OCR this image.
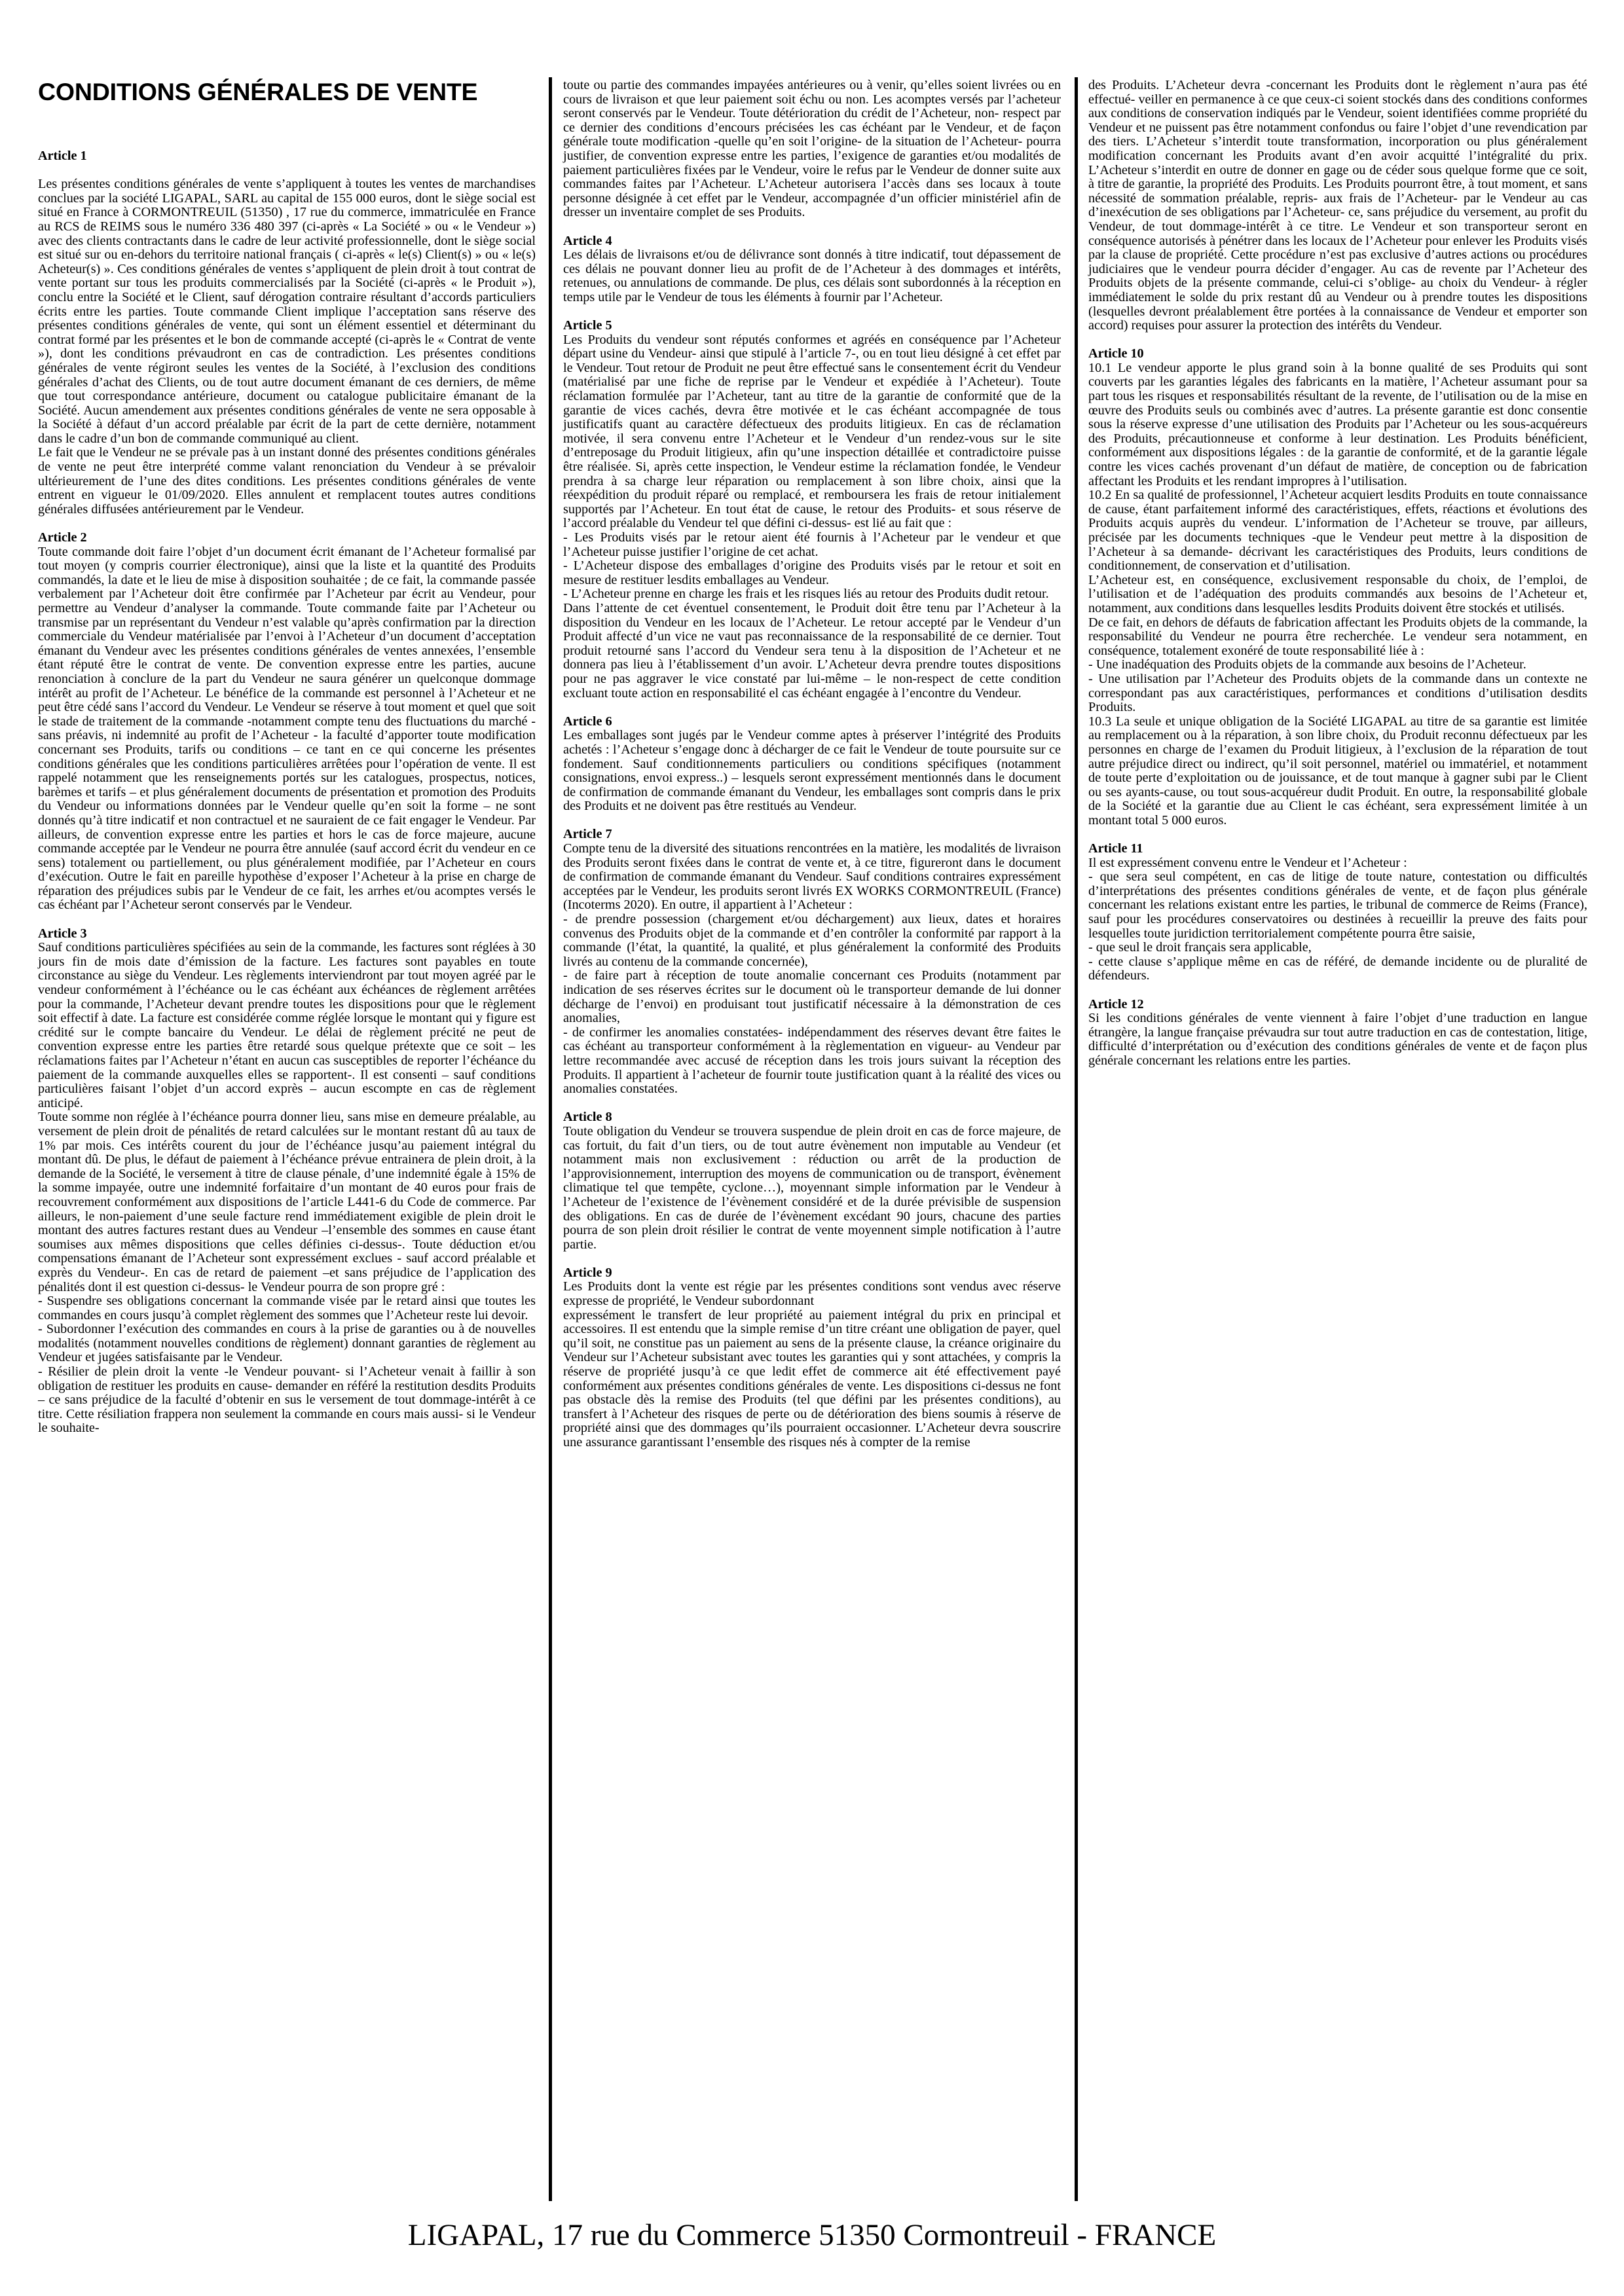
CONDITIONS GÉNÉRALES DE VENTE
Article 1

Les présentes conditions générales de vente s’appliquent à toutes les ventes de marchandises conclues par la société LIGAPAL, SARL au capital de 155 000 euros, dont le siège social est situé en France à CORMONTREUIL (51350) , 17 rue du commerce, immatriculée en France au RCS de REIMS sous le numéro 336 480 397 (ci-après « La Société » ou « le Vendeur ») avec des clients contractants dans le cadre de leur activité professionnelle, dont le siège social est situé sur ou en-dehors du territoire national français ( ci-après « le(s) Client(s) » ou « le(s) Acheteur(s) ». Ces conditions générales de ventes s’appliquent de plein droit à tout contrat de vente portant sur tous les produits commercialisés par la Société (ci-après « le Produit »), conclu entre la Société et le Client, sauf dérogation contraire résultant d’accords particuliers écrits entre les parties. Toute commande Client implique l’acceptation sans réserve des présentes conditions générales de vente, qui sont un élément essentiel et déterminant du contrat formé par les présentes et le bon de commande accepté (ci-après le « Contrat de vente »), dont les conditions prévaudront en cas de contradiction. Les présentes conditions générales de vente régiront seules les ventes de la Société, à l’exclusion des conditions générales d’achat des Clients, ou de tout autre document émanant de ces derniers, de même que tout correspondance antérieure, document ou catalogue publicitaire émanant de la Société. Aucun amendement aux présentes conditions générales de vente ne sera opposable à la Société à défaut d’un accord préalable par écrit de la part de cette dernière, notamment dans le cadre d’un bon de commande communiqué au client.

Le fait que le Vendeur ne se prévale pas à un instant donné des présentes conditions générales de vente ne peut être interprété comme valant renonciation du Vendeur à se prévaloir ultérieurement de l’une des dites conditions. Les présentes conditions générales de vente entrent en vigueur le 01/09/2020. Elles annulent et remplacent toutes autres conditions générales diffusées antérieurement par le Vendeur.

Article 2

Toute commande doit faire l’objet d’un document écrit émanant de l’Acheteur formalisé par tout moyen (y compris courrier électronique), ainsi que la liste et la quantité des Produits commandés, la date et le lieu de mise à disposition souhaitée ; de ce fait, la commande passée verbalement par l’Acheteur doit être confirmée par l’Acheteur par écrit au Vendeur, pour permettre au Vendeur d’analyser la commande. Toute commande faite par l’Acheteur ou transmise par un représentant du Vendeur n’est valable qu’après confirmation par la direction commerciale du Vendeur matérialisée par l’envoi à l’Acheteur d’un document d’acceptation émanant du Vendeur avec les présentes conditions générales de ventes annexées, l’ensemble étant réputé être le contrat de vente. De convention expresse entre les parties, aucune renonciation à conclure de la part du Vendeur ne saura générer un quelconque dommage intérêt au profit de l’Acheteur. Le bénéfice de la commande est personnel à l’Acheteur et ne peut être cédé sans l’accord du Vendeur. Le Vendeur se réserve à tout moment et quel que soit le stade de traitement de la commande -notamment compte tenu des fluctuations du marché -sans préavis, ni indemnité au profit de l’Acheteur - la faculté d’apporter toute modification concernant ses Produits, tarifs ou conditions – ce tant en ce qui concerne les présentes conditions générales que les conditions particulières arrêtées pour l’opération de vente. Il est rappelé notamment que les renseignements portés sur les catalogues, prospectus, notices, barèmes et tarifs – et plus généralement documents de présentation et promotion des Produits du Vendeur ou informations données par le Vendeur quelle qu’en soit la forme – ne sont donnés qu’à titre indicatif et non contractuel et ne sauraient de ce fait engager le Vendeur. Par ailleurs, de convention expresse entre les parties et hors le cas de force majeure, aucune commande acceptée par le Vendeur ne pourra être annulée (sauf accord écrit du vendeur en ce sens) totalement ou partiellement, ou plus généralement modifiée, par l’Acheteur en cours d’exécution. Outre le fait en pareille hypothèse d’exposer l’Acheteur à la prise en charge de réparation des préjudices subis par le Vendeur de ce fait, les arrhes et/ou acomptes versés le cas échéant par l’Acheteur seront conservés par le Vendeur.

Article 3

Sauf conditions particulières spécifiées au sein de la commande, les factures sont réglées à 30 jours fin de mois date d’émission de la facture. Les factures sont payables en toute circonstance au siège du Vendeur. Les règlements interviendront par tout moyen agréé par le vendeur conformément à l’échéance ou le cas échéant aux échéances de règlement arrêtées pour la commande, l’Acheteur devant prendre toutes les dispositions pour que le règlement soit effectif à date. La facture est considérée comme réglée lorsque le montant qui y figure est crédité sur le compte bancaire du Vendeur. Le délai de règlement précité ne peut de convention expresse entre les parties être retardé sous quelque prétexte que ce soit – les réclamations faites par l’Acheteur n’étant en aucun cas susceptibles de reporter l’échéance du paiement de la commande auxquelles elles se rapportent-. Il est consenti – sauf conditions particulières faisant l’objet d’un accord exprès – aucun escompte en cas de règlement anticipé.

Toute somme non réglée à l’échéance pourra donner lieu, sans mise en demeure préalable, au versement de plein droit de pénalités de retard calculées sur le montant restant dû au taux de 1% par mois. Ces intérêts courent du jour de l’échéance jusqu’au paiement intégral du montant dû. De plus, le défaut de paiement à l’échéance prévue entrainera de plein droit, à la demande de la Société, le versement à titre de clause pénale, d’une indemnité égale à 15% de la somme impayée, outre une indemnité forfaitaire d’un montant de 40 euros pour frais de recouvrement conformément aux dispositions de l’article L441-6 du Code de commerce. Par ailleurs, le non-paiement d’une seule facture rend immédiatement exigible de plein droit le montant des autres factures restant dues au Vendeur –l’ensemble des sommes en cause étant soumises aux mêmes dispositions que celles définies ci-dessus-. Toute déduction et/ou compensations émanant de l’Acheteur sont expressément exclues - sauf accord préalable et exprès du Vendeur-. En cas de retard de paiement –et sans préjudice de l’application des pénalités dont il est question ci-dessus- le Vendeur pourra de son propre gré :

- Suspendre ses obligations concernant la commande visée par le retard ainsi que toutes les commandes en cours jusqu’à complet règlement des sommes que l’Acheteur reste lui devoir.

- Subordonner l’exécution des commandes en cours à la prise de garanties ou à de nouvelles modalités (notamment nouvelles conditions de règlement) donnant garanties de règlement au Vendeur et jugées satisfaisante par le Vendeur.

- Résilier de plein droit la vente -le Vendeur pouvant- si l’Acheteur venait à faillir à son obligation de restituer les produits en cause- demander en référé la restitution desdits Produits – ce sans préjudice de la faculté d’obtenir en sus le versement de tout dommage-intérêt à ce titre. Cette résiliation frappera non seulement la commande en cours mais aussi- si le Vendeur le souhaite-

toute ou partie des commandes impayées antérieures ou à venir, qu’elles soient livrées ou en cours de livraison et que leur paiement soit échu ou non. Les acomptes versés par l’acheteur seront conservés par le Vendeur. Toute détérioration du crédit de l’Acheteur, non- respect par ce dernier des conditions d’encours précisées les cas échéant par le Vendeur, et de façon générale toute modification -quelle qu’en soit l’origine- de la situation de l’Acheteur- pourra justifier, de convention expresse entre les parties, l’exigence de garanties et/ou modalités de paiement particulières fixées par le Vendeur, voire le refus par le Vendeur de donner suite aux commandes faites par l’Acheteur. L’Acheteur autorisera l’accès dans ses locaux à toute personne désignée à cet effet par le Vendeur, accompagnée d’un officier ministériel afin de dresser un inventaire complet de ses Produits.

Article 4

Les délais de livraisons et/ou de délivrance sont donnés à titre indicatif, tout dépassement de ces délais ne pouvant donner lieu au profit de de l’Acheteur à des dommages et intérêts, retenues, ou annulations de commande. De plus, ces délais sont subordonnés à la réception en temps utile par le Vendeur de tous les éléments à fournir par l’Acheteur.

Article 5

Les Produits du vendeur sont réputés conformes et agréés en conséquence par l’Acheteur départ usine du Vendeur- ainsi que stipulé à l’article 7-, ou en tout lieu désigné à cet effet par le Vendeur. Tout retour de Produit ne peut être effectué sans le consentement écrit du Vendeur (matérialisé par une fiche de reprise par le Vendeur et expédiée à l’Acheteur). Toute réclamation formulée par l’Acheteur, tant au titre de la garantie de conformité que de la garantie de vices cachés, devra être motivée et le cas échéant accompagnée de tous justificatifs quant au caractère défectueux des produits litigieux. En cas de réclamation motivée, il sera convenu entre l’Acheteur et le Vendeur d’un rendez-vous sur le site d’entreposage du Produit litigieux, afin qu’une inspection détaillée et contradictoire puisse être réalisée. Si, après cette inspection, le Vendeur estime la réclamation fondée, le Vendeur prendra à sa charge leur réparation ou remplacement à son libre choix, ainsi que la réexpédition du produit réparé ou remplacé, et remboursera les frais de retour initialement supportés par l’Acheteur. En tout état de cause, le retour des Produits- et sous réserve de l’accord préalable du Vendeur tel que défini ci-dessus- est lié au fait que :

- Les Produits visés par le retour aient été fournis à l’Acheteur par le vendeur et que l’Acheteur puisse justifier l’origine de cet achat.

- L’Acheteur dispose des emballages d’origine des Produits visés par le retour et soit en mesure de restituer lesdits emballages au Vendeur.

- L’Acheteur prenne en charge les frais et les risques liés au retour des Produits dudit retour.

Dans l’attente de cet éventuel consentement, le Produit doit être tenu par l’Acheteur à la disposition du Vendeur en les locaux de l’Acheteur. Le retour accepté par le Vendeur d’un Produit affecté d’un vice ne vaut pas reconnaissance de la responsabilité de ce dernier. Tout produit retourné sans l’accord du Vendeur sera tenu à la disposition de l’Acheteur et ne donnera pas lieu à l’établissement d’un avoir. L’Acheteur devra prendre toutes dispositions pour ne pas aggraver le vice constaté par lui-même – le non-respect de cette condition excluant toute action en responsabilité el cas échéant engagée à l’encontre du Vendeur.

Article 6

Les emballages sont jugés par le Vendeur comme aptes à préserver l’intégrité des Produits achetés : l’Acheteur s’engage donc à décharger de ce fait le Vendeur de toute poursuite sur ce fondement. Sauf conditionnements particuliers ou conditions spécifiques (notamment consignations, envoi express..) – lesquels seront expressément mentionnés dans le document de confirmation de commande émanant du Vendeur, les emballages sont compris dans le prix des Produits et ne doivent pas être restitués au Vendeur.

Article 7

Compte tenu de la diversité des situations rencontrées en la matière, les modalités de livraison des Produits seront fixées dans le contrat de vente et, à ce titre, figureront dans le document de confirmation de commande émanant du Vendeur. Sauf conditions contraires expressément acceptées par le Vendeur, les produits seront livrés EX WORKS CORMONTREUIL (France) (Incoterms 2020). En outre, il appartient à l’Acheteur :

- de prendre possession (chargement et/ou déchargement) aux lieux, dates et horaires convenus des Produits objet de la commande et d’en contrôler la conformité par rapport à la commande (l’état, la quantité, la qualité, et plus généralement la conformité des Produits livrés au contenu de la commande concernée),

- de faire part à réception de toute anomalie concernant ces Produits (notamment par indication de ses réserves écrites sur le document où le transporteur demande de lui donner décharge de l’envoi) en produisant tout justificatif nécessaire à la démonstration de ces anomalies,

- de confirmer les anomalies constatées- indépendamment des réserves devant être faites le cas échéant au transporteur conformément à la règlementation en vigueur- au Vendeur par lettre recommandée avec accusé de réception dans les trois jours suivant la réception des Produits. Il appartient à l’acheteur de fournir toute justification quant à la réalité des vices ou anomalies constatées.

Article 8

Toute obligation du Vendeur se trouvera suspendue de plein droit en cas de force majeure, de cas fortuit, du fait d’un tiers, ou de tout autre évènement non imputable au Vendeur (et notamment mais non exclusivement : réduction ou arrêt de la production de l’approvisionnement, interruption des moyens de communication ou de transport, évènement climatique tel que tempête, cyclone…), moyennant simple information par le Vendeur à l’Acheteur de l’existence de l’évènement considéré et de la durée prévisible de suspension des obligations. En cas de durée de l’évènement excédant 90 jours, chacune des parties pourra de son plein droit résilier le contrat de vente moyennent simple notification à l’autre partie.

Article 9

Les Produits dont la vente est régie par les présentes conditions sont vendus avec réserve expresse de propriété, le Vendeur subordonnant

expressément le transfert de leur propriété au paiement intégral du prix en principal et accessoires. Il est entendu que la simple remise d’un titre créant une obligation de payer, quel qu’il soit, ne constitue pas un paiement au sens de la présente clause, la créance originaire du Vendeur sur l’Acheteur subsistant avec toutes les garanties qui y sont attachées, y compris la réserve de propriété jusqu’à ce que ledit effet de commerce ait été effectivement payé conformément aux présentes conditions générales de vente. Les dispositions ci-dessus ne font pas obstacle dès la remise des Produits (tel que défini par les présentes conditions), au transfert à l’Acheteur des risques de perte ou de détérioration des biens soumis à réserve de propriété ainsi que des dommages qu’ils pourraient occasionner. L’Acheteur devra souscrire une assurance garantissant l’ensemble des risques nés à compter de la remise

des Produits. L’Acheteur devra -concernant les Produits dont le règlement n’aura pas été effectué- veiller en permanence à ce que ceux-ci soient stockés dans des conditions conformes aux conditions de conservation indiqués par le Vendeur, soient identifiées comme propriété du Vendeur et ne puissent pas être notamment confondus ou faire l’objet d’une revendication par des tiers. L’Acheteur s’interdit toute transformation, incorporation ou plus généralement modification concernant les Produits avant d’en avoir acquitté l’intégralité du prix. L’Acheteur s’interdit en outre de donner en gage ou de céder sous quelque forme que ce soit, à titre de garantie, la propriété des Produits. Les Produits pourront être, à tout moment, et sans nécessité de sommation préalable, repris- aux frais de l’Acheteur- par le Vendeur au cas d’inexécution de ses obligations par l’Acheteur- ce, sans préjudice du versement, au profit du Vendeur, de tout dommage-intérêt à ce titre. Le Vendeur et son transporteur seront en conséquence autorisés à pénétrer dans les locaux de l’Acheteur pour enlever les Produits visés par la clause de propriété. Cette procédure n’est pas exclusive d’autres actions ou procédures judiciaires que le vendeur pourra décider d’engager. Au cas de revente par l’Acheteur des Produits objets de la présente commande, celui-ci s’oblige- au choix du Vendeur- à régler immédiatement le solde du prix restant dû au Vendeur ou à prendre toutes les dispositions (lesquelles devront préalablement être portées à la connaissance de Vendeur et emporter son accord) requises pour assurer la protection des intérêts du Vendeur.

Article 10

10.1 Le vendeur apporte le plus grand soin à la bonne qualité de ses Produits qui sont couverts par les garanties légales des fabricants en la matière, l’Acheteur assumant pour sa part tous les risques et responsabilités résultant de la revente, de l’utilisation ou de la mise en œuvre des Produits seuls ou combinés avec d’autres. La présente garantie est donc consentie sous la réserve expresse d’une utilisation des Produits par l’Acheteur ou les sous-acquéreurs des Produits, précautionneuse et conforme à leur destination. Les Produits bénéficient, conformément aux dispositions légales : de la garantie de conformité, et de la garantie légale contre les vices cachés provenant d’un défaut de matière, de conception ou de fabrication affectant les Produits et les rendant impropres à l’utilisation.

10.2 En sa qualité de professionnel, l’Acheteur acquiert lesdits Produits en toute connaissance de cause, étant parfaitement informé des caractéristiques, effets, réactions et évolutions des Produits acquis auprès du vendeur. L’information de l’Acheteur se trouve, par ailleurs, précisée par les documents techniques -que le Vendeur peut mettre à la disposition de l’Acheteur à sa demande- décrivant les caractéristiques des Produits, leurs conditions de conditionnement, de conservation et d’utilisation.

L’Acheteur est, en conséquence, exclusivement responsable du choix, de l’emploi, de l’utilisation et de l’adéquation des produits commandés aux besoins de l’Acheteur et, notamment, aux conditions dans lesquelles lesdits Produits doivent être stockés et utilisés.

De ce fait, en dehors de défauts de fabrication affectant les Produits objets de la commande, la responsabilité du Vendeur ne pourra être recherchée. Le vendeur sera notamment, en conséquence, totalement exonéré de toute responsabilité liée à :

- Une inadéquation des Produits objets de la commande aux besoins de l’Acheteur.

- Une utilisation par l’Acheteur des Produits objets de la commande dans un contexte ne correspondant pas aux caractéristiques, performances et conditions d’utilisation desdits Produits.

10.3 La seule et unique obligation de la Société LIGAPAL au titre de sa garantie est limitée au remplacement ou à la réparation, à son libre choix, du Produit reconnu défectueux par les personnes en charge de l’examen du Produit litigieux, à l’exclusion de la réparation de tout autre préjudice direct ou indirect, qu’il soit personnel, matériel ou immatériel, et notamment de toute perte d’exploitation ou de jouissance, et de tout manque à gagner subi par le Client ou ses ayants-cause, ou tout sous-acquéreur dudit Produit. En outre, la responsabilité globale de la Société et la garantie due au Client le cas échéant, sera expressément limitée à un montant total 5 000 euros.

Article 11

Il est expressément convenu entre le Vendeur et l’Acheteur :

- que sera seul compétent, en cas de litige de toute nature, contestation ou difficultés d’interprétations des présentes conditions générales de vente, et de façon plus générale concernant les relations existant entre les parties, le tribunal de commerce de Reims (France), sauf pour les procédures conservatoires ou destinées à recueillir la preuve des faits pour lesquelles toute juridiction territorialement compétente pourra être saisie,

- que seul le droit français sera applicable,

- cette clause s’applique même en cas de référé, de demande incidente ou de pluralité de défendeurs.

Article 12

Si les conditions générales de vente viennent à faire l’objet d’une traduction en langue étrangère, la langue française prévaudra sur tout autre traduction en cas de contestation, litige, difficulté d’interprétation ou d’exécution des conditions générales de vente et de façon plus générale concernant les relations entre les parties.

LIGAPAL, 17 rue du Commerce 51350 Cormontreuil - FRANCE
